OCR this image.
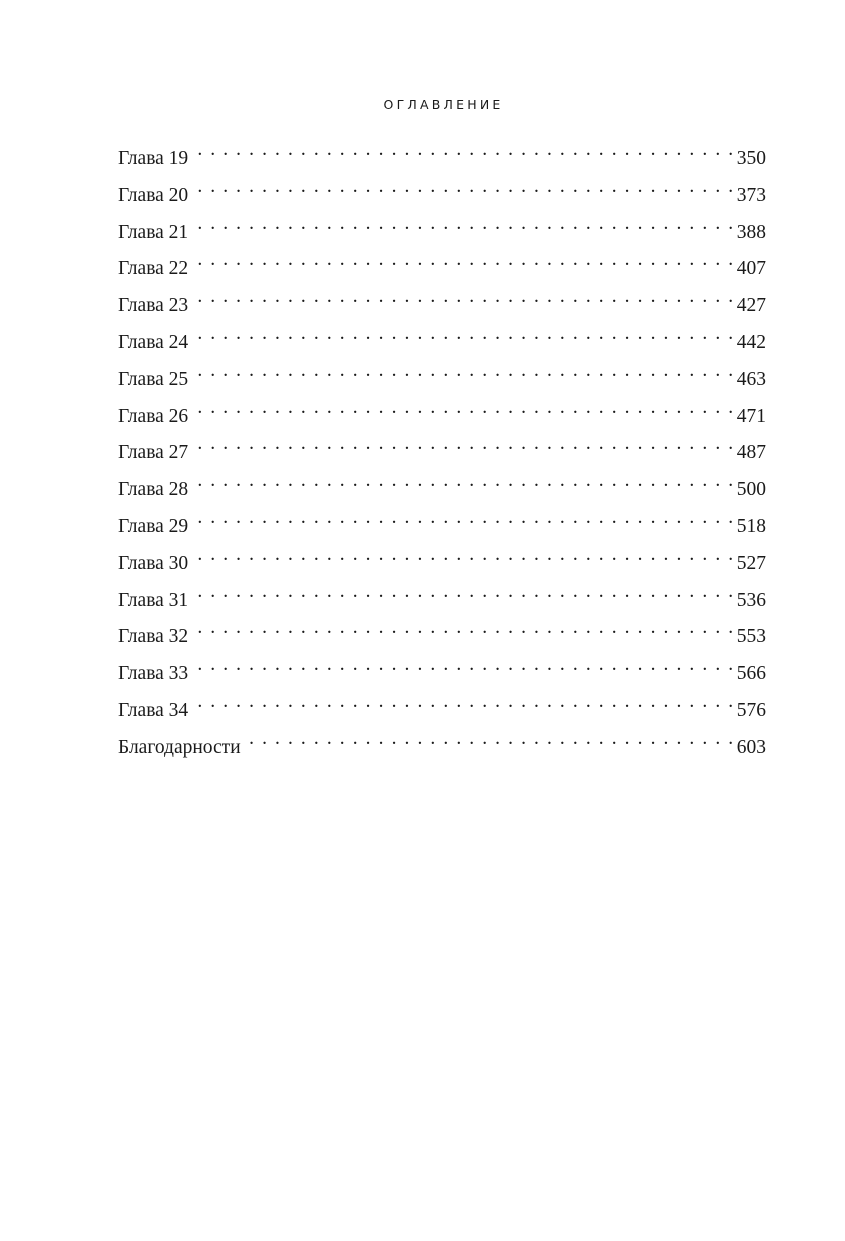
ОГЛАВЛЕНИЕ
Глава 19 . . .	350
Глава 20 . . .	373
Глава 21 . . .	388
Глава 22 . . .	407
Глава 23 . . .	427
Глава 24 . . .	442
Глава 25 . . .	463
Глава 26 . . .	471
Глава 27 . . .	487
Глава 28 . . .	500
Глава 29 . . .	518
Глава 30 . . .	527
Глава 31 . . .	536
Глава 32 . . .	553
Глава 33 . . .	566
Глава 34 . . .	576
Благодарности . . .	603
